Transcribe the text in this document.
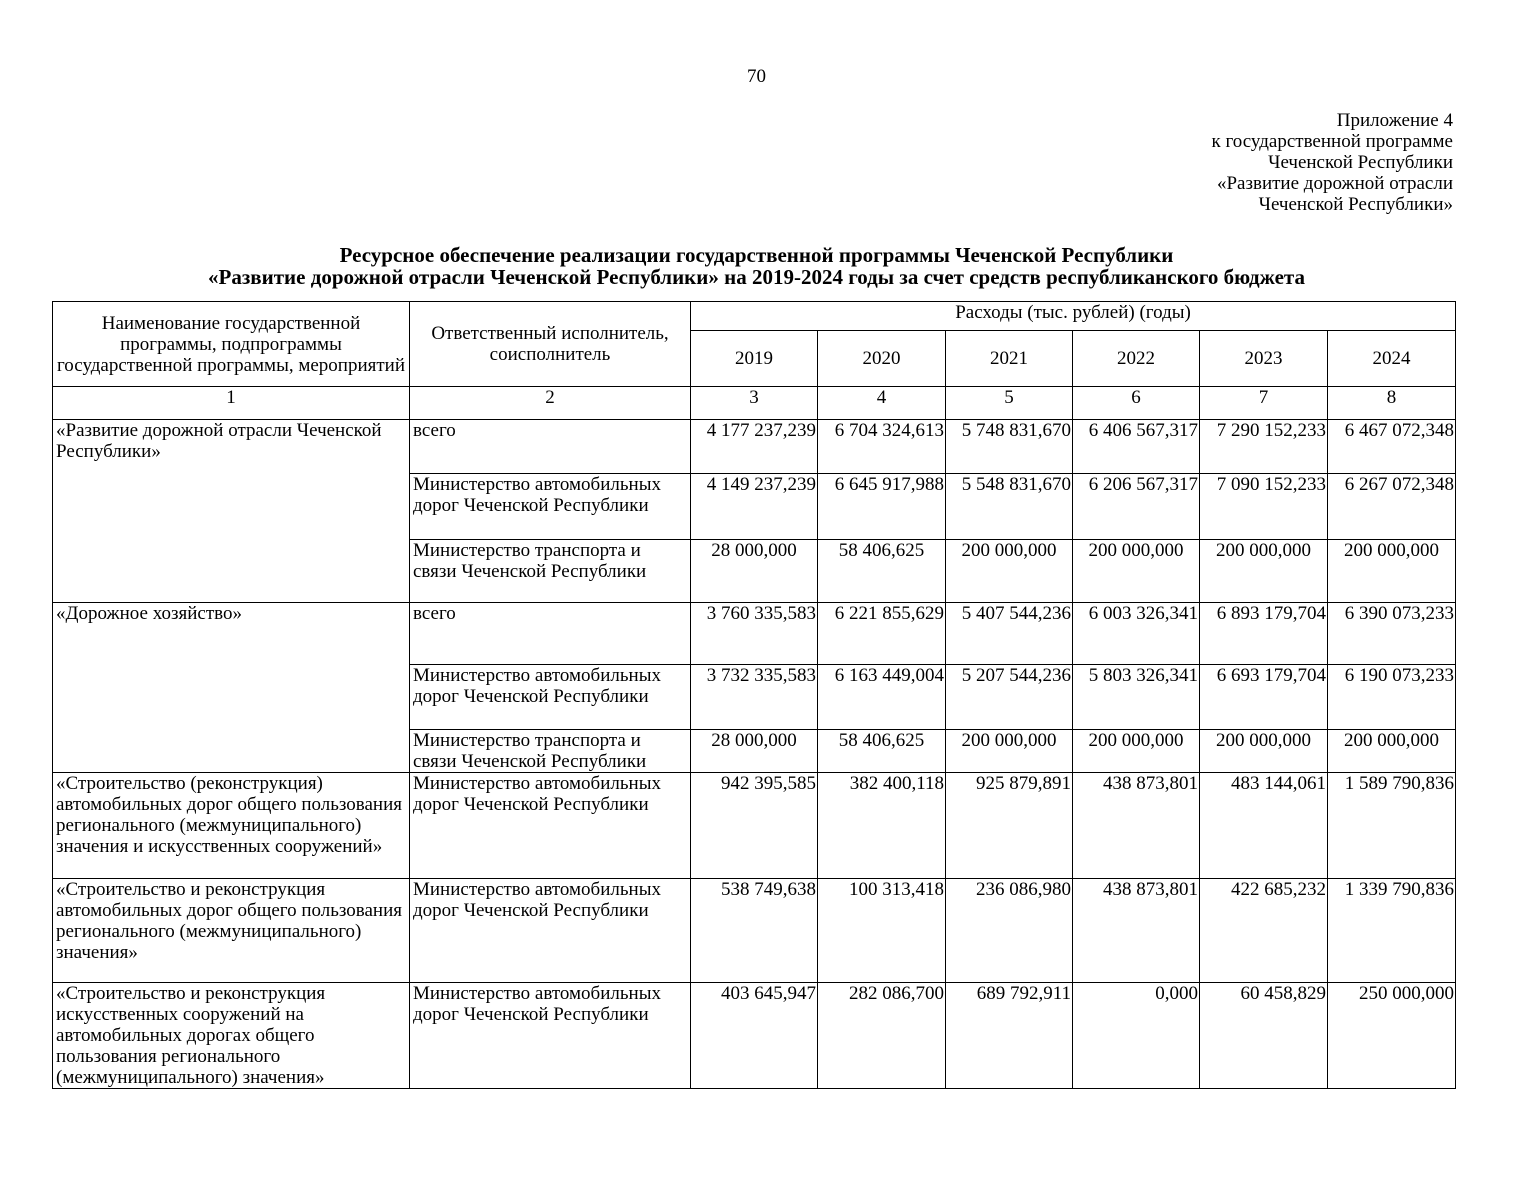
70
Приложение 4
к государственной программе
Чеченской Республики
«Развитие дорожной отрасли
Чеченской Республики»
Ресурсное обеспечение реализации государственной программы Чеченской Республики
«Развитие дорожной отрасли Чеченской Республики» на 2019-2024 годы за счет средств республиканского бюджета
Наименование государственной программы, подпрограммы государственной программы, мероприятий	Ответственный исполнитель, соисполнитель	Расходы (тыс. рублей) (годы)					
		2019	2020	2021	2022	2023	2024
1	2	3	4	5	6	7	8
«Развитие дорожной отрасли Чеченской Республики»	всего	4 177 237,239	6 704 324,613	5 748 831,670	6 406 567,317	7 290 152,233	6 467 072,348
	Министерство автомобильных дорог Чеченской Республики	4 149 237,239	6 645 917,988	5 548 831,670	6 206 567,317	7 090 152,233	6 267 072,348
	Министерство транспорта и связи Чеченской Республики	28 000,000	58 406,625	200 000,000	200 000,000	200 000,000	200 000,000
«Дорожное хозяйство»	всего	3 760 335,583	6 221 855,629	5 407 544,236	6 003 326,341	6 893 179,704	6 390 073,233
	Министерство автомобильных дорог Чеченской Республики	3 732 335,583	6 163 449,004	5 207 544,236	5 803 326,341	6 693 179,704	6 190 073,233
	Министерство транспорта и связи Чеченской Республики	28 000,000	58 406,625	200 000,000	200 000,000	200 000,000	200 000,000
«Строительство (реконструкция) автомобильных дорог общего пользования регионального (межмуниципального) значения и искусственных сооружений»	Министерство автомобильных дорог Чеченской Республики	942 395,585	382 400,118	925 879,891	438 873,801	483 144,061	1 589 790,836
«Строительство и реконструкция автомобильных дорог общего пользования регионального (межмуниципального) значения»	Министерство автомобильных дорог Чеченской Республики	538 749,638	100 313,418	236 086,980	438 873,801	422 685,232	1 339 790,836
«Строительство и реконструкция искусственных сооружений на автомобильных дорогах общего пользования регионального (межмуниципального) значения»	Министерство автомобильных дорог Чеченской Республики	403 645,947	282 086,700	689 792,911	0,000	60 458,829	250 000,000
